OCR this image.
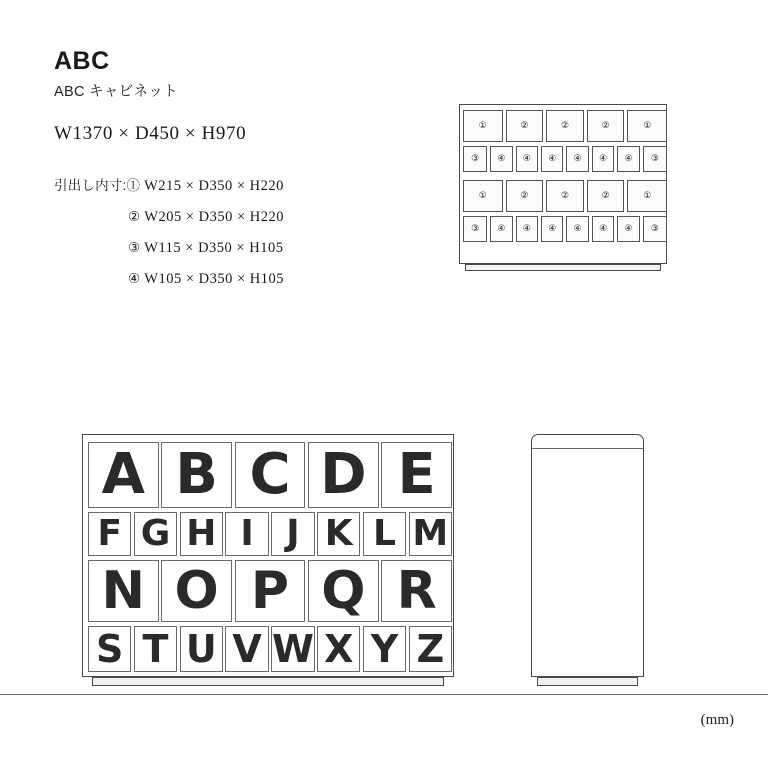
ABC
ABC キャビネット
W1370 × D450 × H970
引出し内寸:① W215 × D350 × H220
② W205 × D350 × H220
③ W115 × D350 × H105
④ W105 × D350 × H105
①	②	②	②	①
③	④	④	④	④	④	④	③
①	②	②	②	①
③	④	④	④	④	④	④	③
A B C D E
F G H I J K L M
N O P Q R
S T U V W X Y Z
(mm)
